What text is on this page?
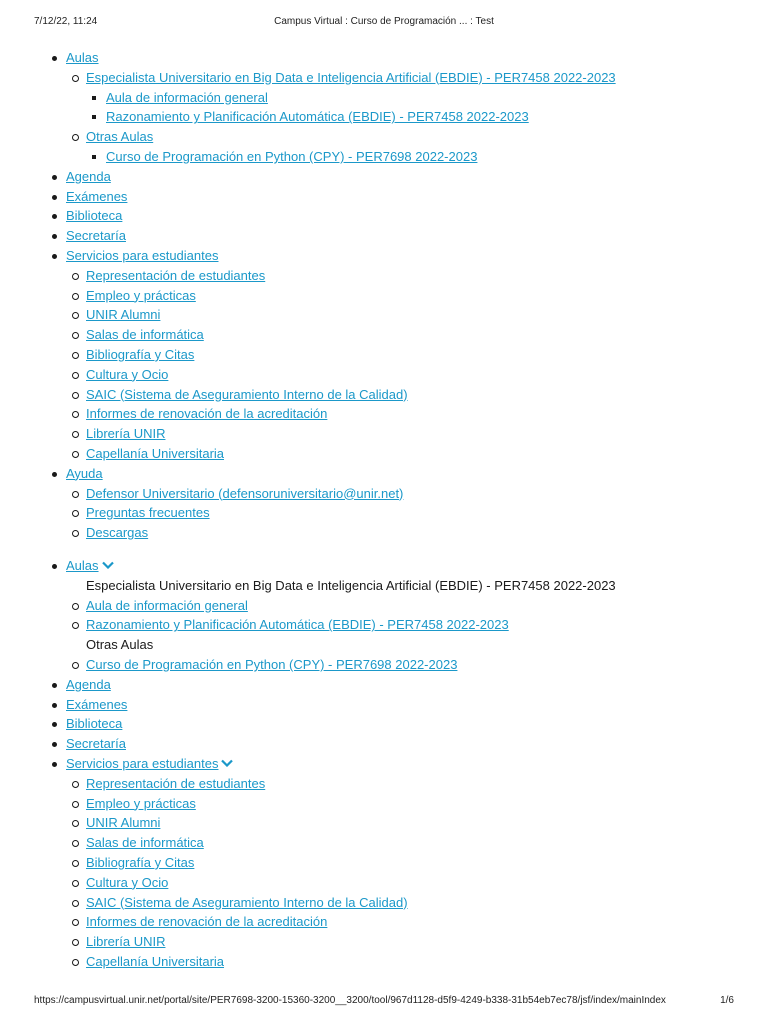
7/12/22, 11:24	Campus Virtual : Curso de Programación ... : Test
Aulas
Especialista Universitario en Big Data e Inteligencia Artificial (EBDIE) - PER7458 2022-2023
Aula de información general
Razonamiento y Planificación Automática (EBDIE) - PER7458 2022-2023
Otras Aulas
Curso de Programación en Python (CPY) - PER7698 2022-2023
Agenda
Exámenes
Biblioteca
Secretaría
Servicios para estudiantes
Representación de estudiantes
Empleo y prácticas
UNIR Alumni
Salas de informática
Bibliografía y Citas
Cultura y Ocio
SAIC (Sistema de Aseguramiento Interno de la Calidad)
Informes de renovación de la acreditación
Librería UNIR
Capellanía Universitaria
Ayuda
Defensor Universitario (defensoruniversitario@unir.net)
Preguntas frecuentes
Descargas
Aulas
Especialista Universitario en Big Data e Inteligencia Artificial (EBDIE) - PER7458 2022-2023
Aula de información general
Razonamiento y Planificación Automática (EBDIE) - PER7458 2022-2023
Otras Aulas
Curso de Programación en Python (CPY) - PER7698 2022-2023
Agenda
Exámenes
Biblioteca
Secretaría
Servicios para estudiantes
Representación de estudiantes
Empleo y prácticas
UNIR Alumni
Salas de informática
Bibliografía y Citas
Cultura y Ocio
SAIC (Sistema de Aseguramiento Interno de la Calidad)
Informes de renovación de la acreditación
Librería UNIR
Capellanía Universitaria
https://campusvirtual.unir.net/portal/site/PER7698-3200-15360-3200__3200/tool/967d1128-d5f9-4249-b338-31b54eb7ec78/jsf/index/mainIndex	1/6
